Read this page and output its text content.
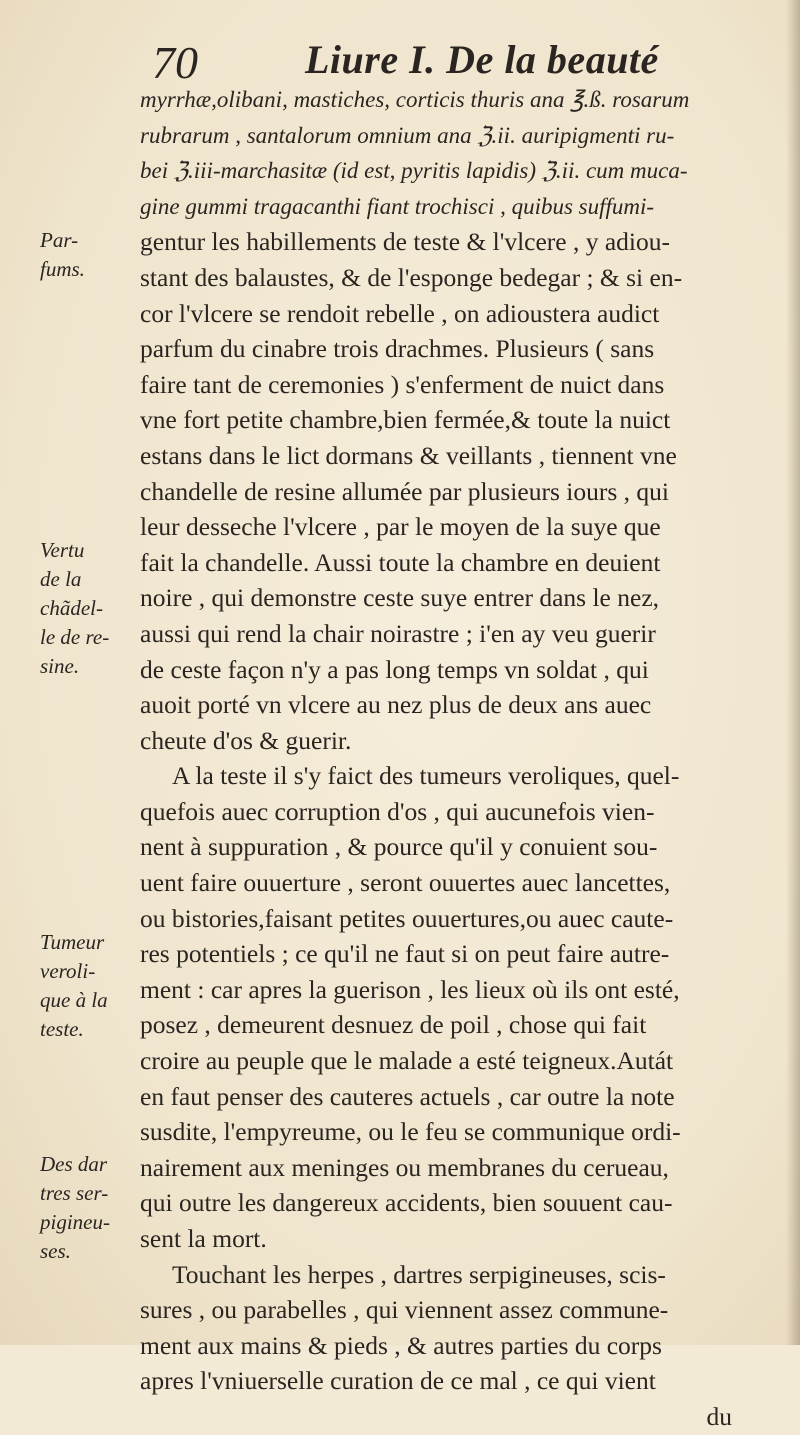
70	Liure I. De la beauté
myrrhæ,olibani, mastiches, corticis thuris ana ℥.ß. rosarum
rubrarum , santalorum omnium ana ℨ.ii. auripigmenti ru-
bei ℨ.iii-marchasitæ (id est, pyritis lapidis) ℨ.ii. cum muca-
gine gummi tragacanthi fiant trochisci , quibus suffumi-
gentur les habillements de teste & l'vlcere , y adiou-
stant des balaustes, & de l'esponge bedegar ; & si en-
cor l'vlcere se rendoit rebelle , on adioustera audict
parfum du cinabre trois drachmes. Plusieurs ( sans
faire tant de ceremonies ) s'enferment de nuict dans
vne fort petite chambre,bien fermée,& toute la nuict
estans dans le lict dormans & veillants , tiennent vne
chandelle de resine allumée par plusieurs iours , qui
leur desseche l'vlcere , par le moyen de la suye que
fait la chandelle. Aussi toute la chambre en deuient
noire , qui demonstre ceste suye entrer dans le nez,
aussi qui rend la chair noirastre ; i'en ay veu guerir
de ceste façon n'y a pas long temps vn soldat , qui
auoit porté vn vlcere au nez plus de deux ans auec
cheute d'os & guerir.
A la teste il s'y faict des tumeurs veroliques, quel-
quefois auec corruption d'os , qui aucunefois vien-
nent à suppuration , & pource qu'il y conuient sou-
uent faire ouuerture , seront ouuertes auec lancettes,
ou bistories,faisant petites ouuertures,ou auec caute-
res potentiels ; ce qu'il ne faut si on peut faire autre-
ment : car apres la guerison , les lieux où ils ont esté,
posez , demeurent desnuez de poil , chose qui fait
croire au peuple que le malade a esté teigneux.Autát
en faut penser des cauteres actuels , car outre la note
susdite, l'empyreume, ou le feu se communique ordi-
nairement aux meninges ou membranes du cerueau,
qui outre les dangereux accidents, bien souuent cau-
sent la mort.
Touchant les herpes , dartres serpigineuses, scis-
sures , ou parabelles , qui viennent assez commune-
ment aux mains & pieds , & autres parties du corps
apres l'vniuerselle curation de ce mal , ce qui vient
du
Par-
fums.
Vertu
de la
chãdel-
le de re-
sine.
Tumeur
veroli-
que à la
teste.
Des dar
tres ser-
pigineu-
ses.
